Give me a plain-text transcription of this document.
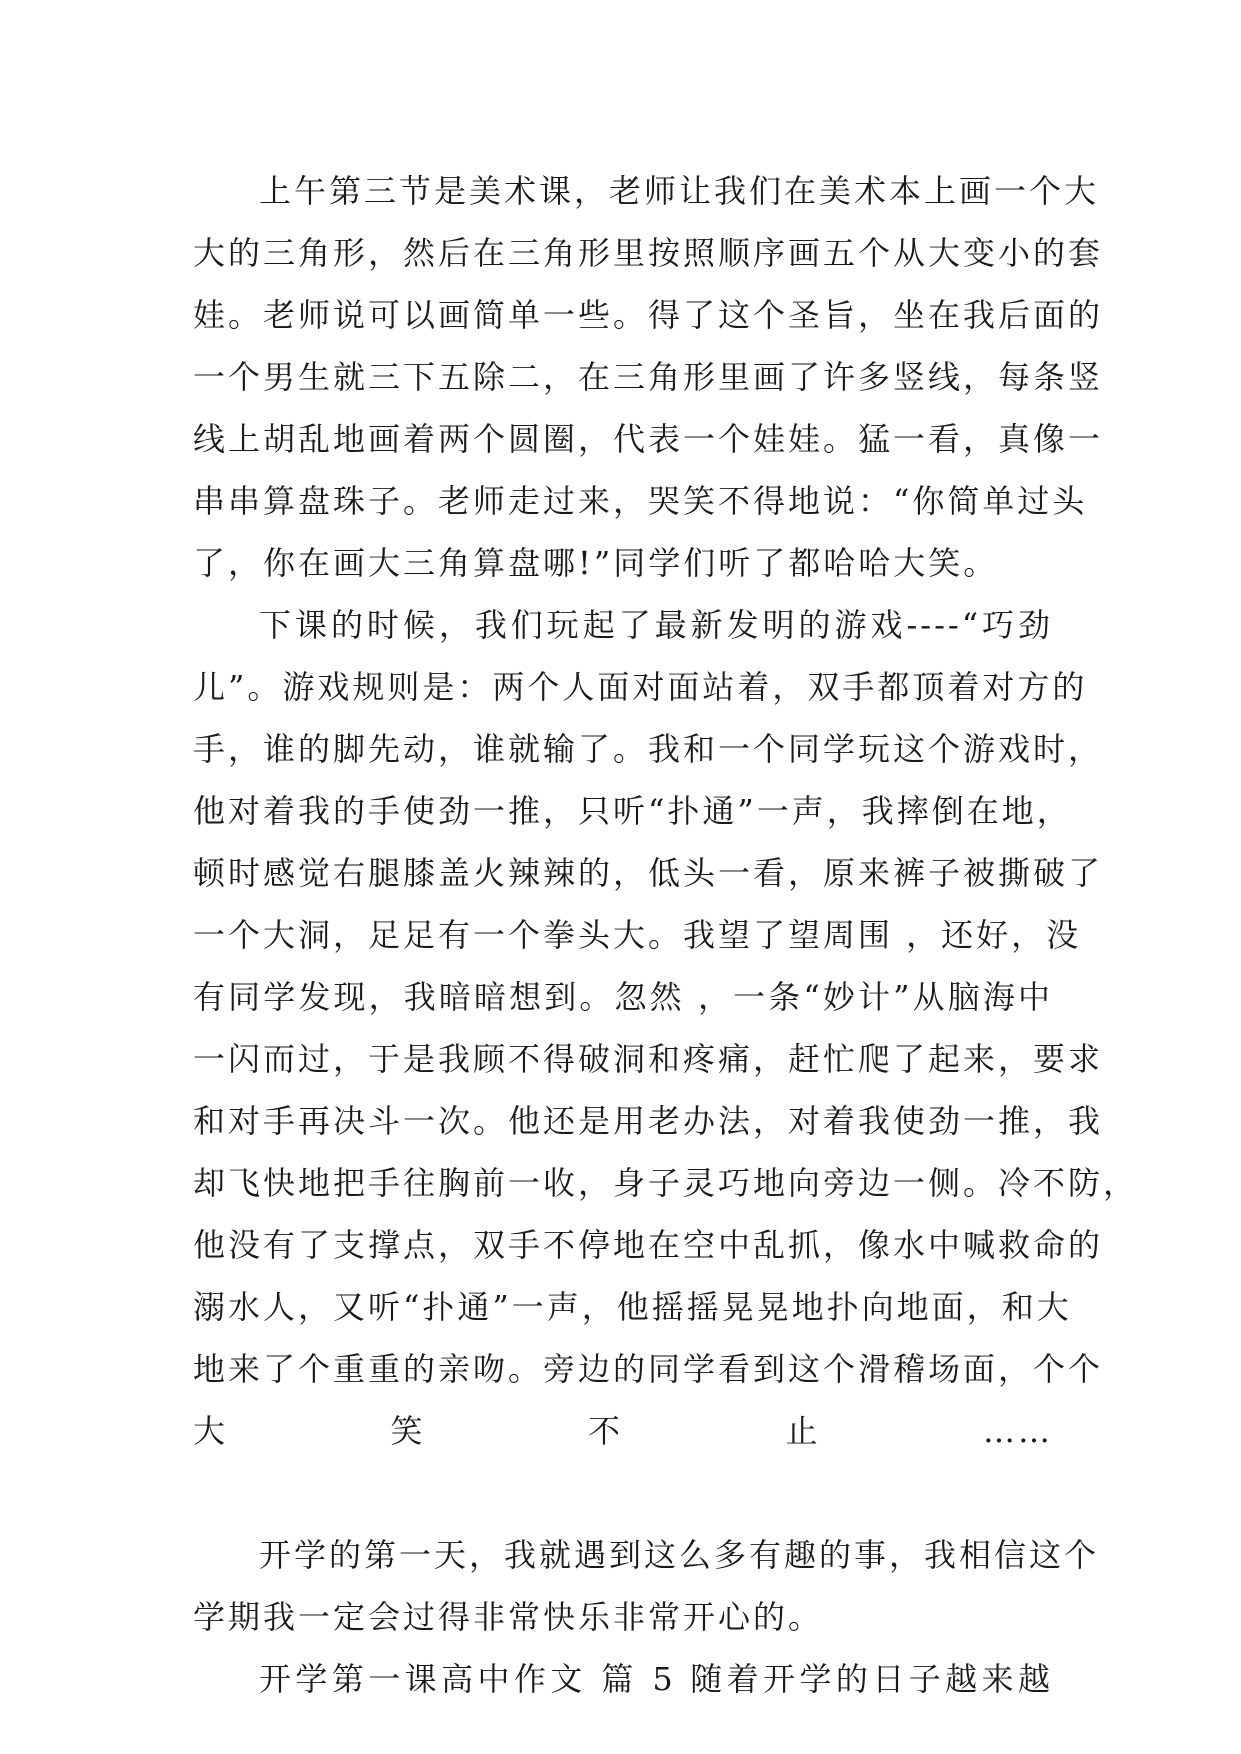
上午第三节是美术课，老师让我们在美术本上画一个大
大的三角形，然后在三角形里按照顺序画五个从大变小的套
娃。老师说可以画简单一些。得了这个圣旨，坐在我后面的
一个男生就三下五除二，在三角形里画了许多竖线，每条竖
线上胡乱地画着两个圆圈，代表一个娃娃。猛一看，真像一
串串算盘珠子。老师走过来，哭笑不得地说：“你简单过头
了，你在画大三角算盘哪!”同学们听了都哈哈大笑。
下课的时候，我们玩起了最新发明的游戏----“巧劲
儿”。游戏规则是：两个人面对面站着，双手都顶着对方的
手，谁的脚先动，谁就输了。我和一个同学玩这个游戏时，
他对着我的手使劲一推，只听“扑通”一声，我摔倒在地，
顿时感觉右腿膝盖火辣辣的，低头一看，原来裤子被撕破了
一个大洞，足足有一个拳头大。我望了望周围 ，还好，没
有同学发现，我暗暗想到。忽然 ，一条“妙计”从脑海中
一闪而过，于是我顾不得破洞和疼痛，赶忙爬了起来，要求
和对手再决斗一次。他还是用老办法，对着我使劲一推，我
却飞快地把手往胸前一收，身子灵巧地向旁边一侧。冷不防，
他没有了支撑点，双手不停地在空中乱抓，像水中喊救命的
溺水人，又听“扑通”一声，他摇摇晃晃地扑向地面，和大
地来了个重重的亲吻。旁边的同学看到这个滑稽场面，个个
大笑不止……
开学的第一天，我就遇到这么多有趣的事，我相信这个
学期我一定会过得非常快乐非常开心的。
开学第一课高中作文 篇 5 随着开学的日子越来越
